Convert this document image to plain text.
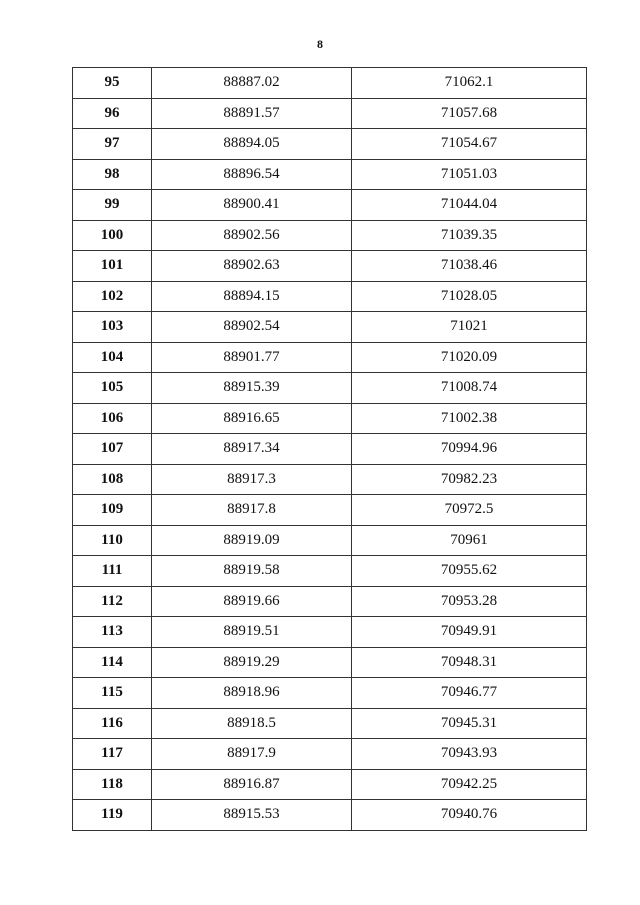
8
95	88887.02	71062.1
96	88891.57	71057.68
97	88894.05	71054.67
98	88896.54	71051.03
99	88900.41	71044.04
100	88902.56	71039.35
101	88902.63	71038.46
102	88894.15	71028.05
103	88902.54	71021
104	88901.77	71020.09
105	88915.39	71008.74
106	88916.65	71002.38
107	88917.34	70994.96
108	88917.3	70982.23
109	88917.8	70972.5
110	88919.09	70961
111	88919.58	70955.62
112	88919.66	70953.28
113	88919.51	70949.91
114	88919.29	70948.31
115	88918.96	70946.77
116	88918.5	70945.31
117	88917.9	70943.93
118	88916.87	70942.25
119	88915.53	70940.76
